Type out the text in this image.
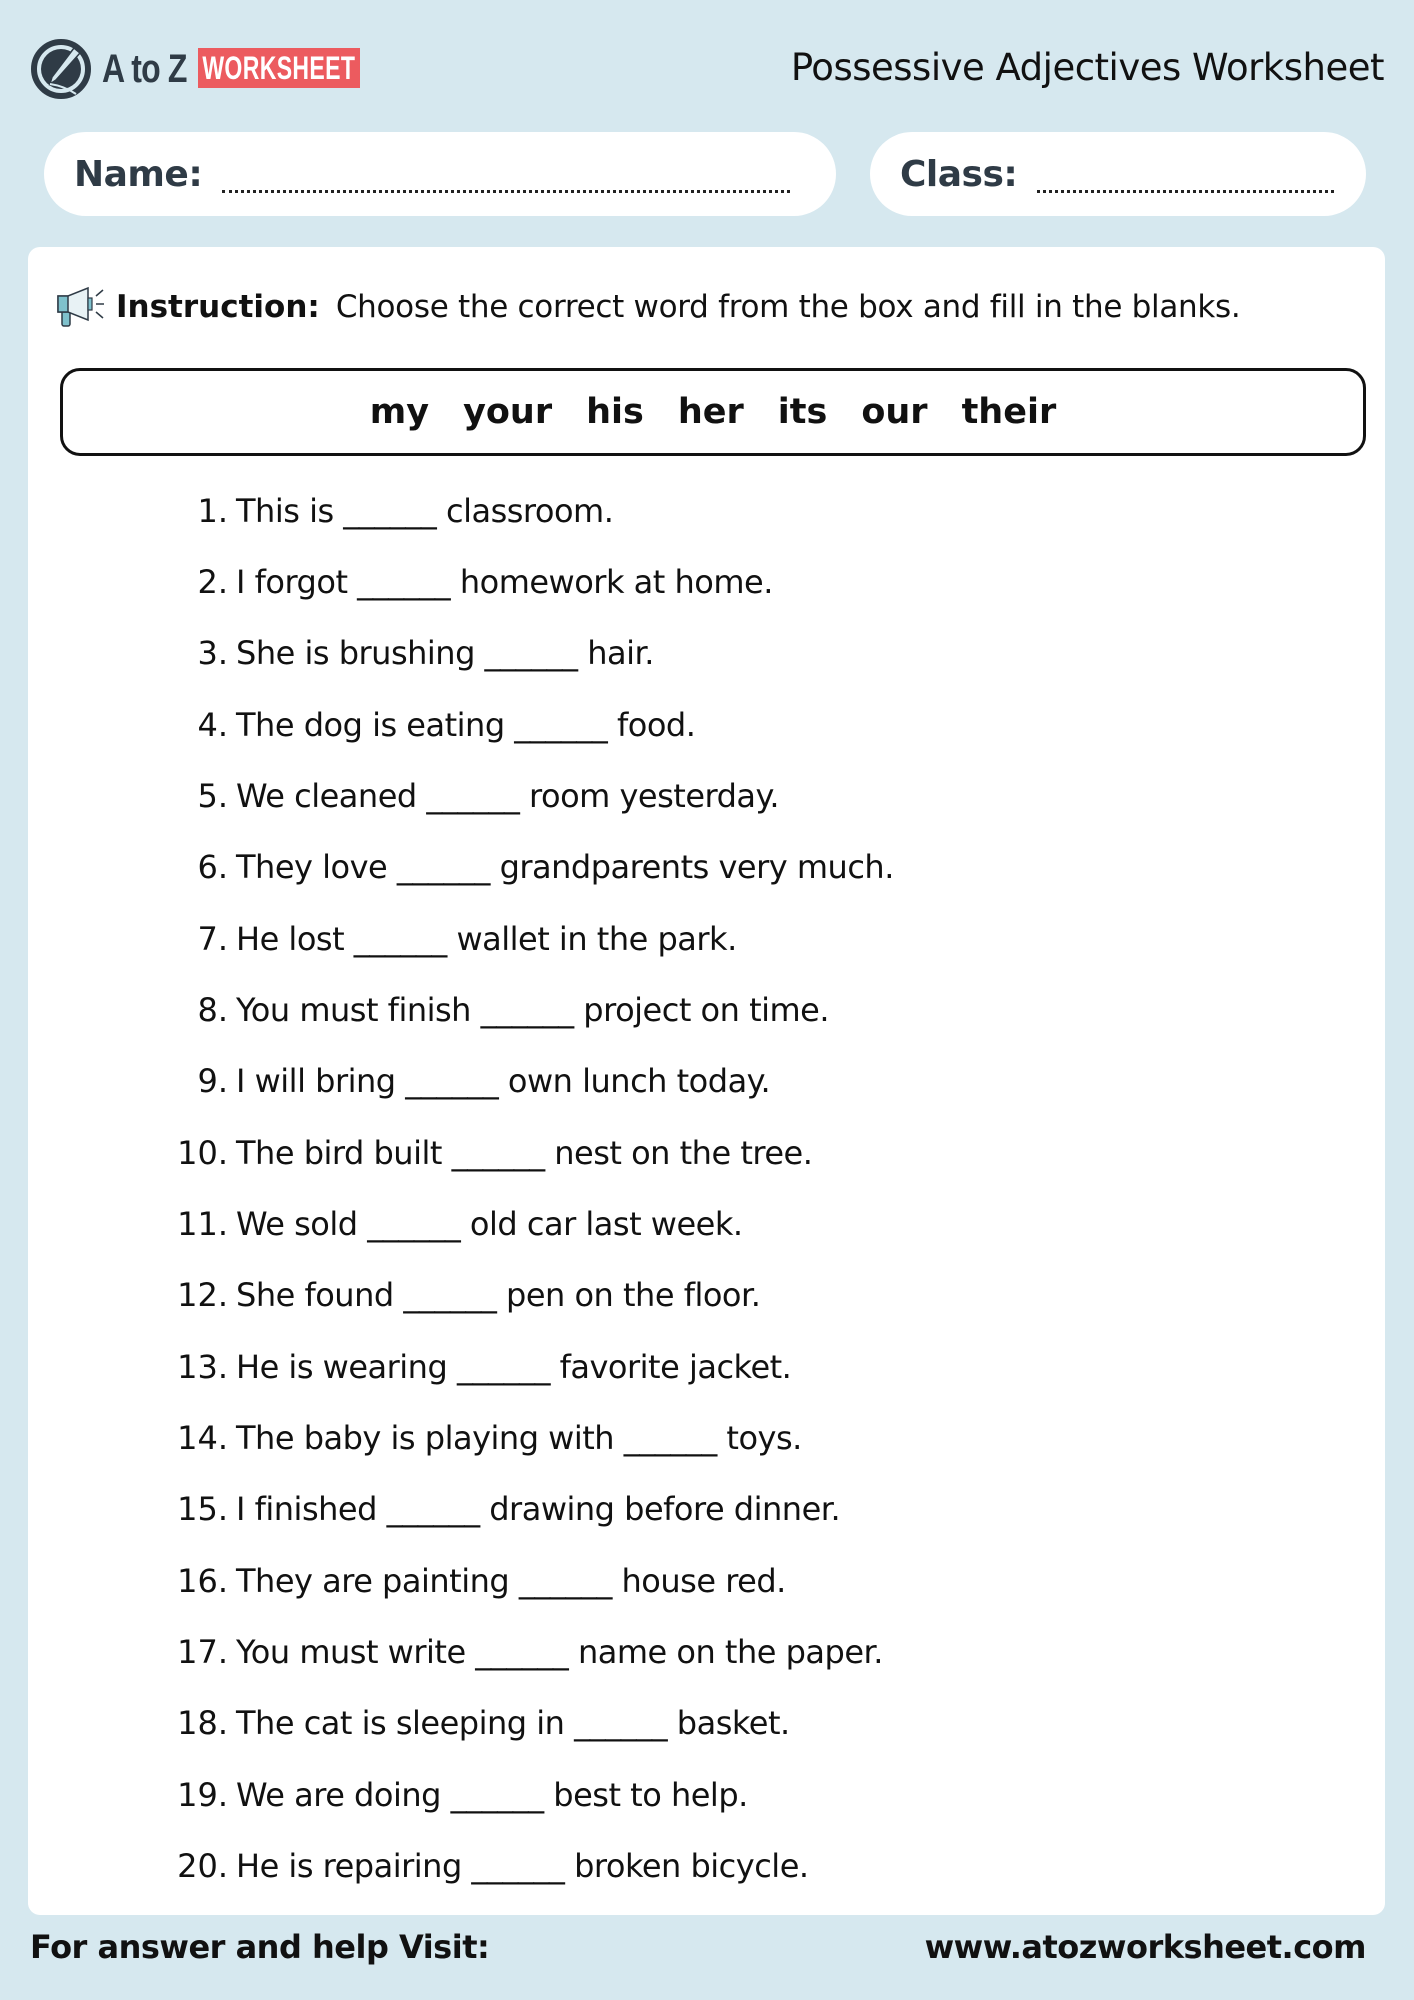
A to Z WORKSHEET	Possessive Adjectives Worksheet
Name:	Class:
Instruction: Choose the correct word from the box and fill in the blanks.
my your his her its our their
1. This is ______ classroom.
2. I forgot ______ homework at home.
3. She is brushing ______ hair.
4. The dog is eating ______ food.
5. We cleaned ______ room yesterday.
6. They love ______ grandparents very much.
7. He lost ______ wallet in the park.
8. You must finish ______ project on time.
9. I will bring ______ own lunch today.
10. The bird built ______ nest on the tree.
11. We sold ______ old car last week.
12. She found ______ pen on the floor.
13. He is wearing ______ favorite jacket.
14. The baby is playing with ______ toys.
15. I finished ______ drawing before dinner.
16. They are painting ______ house red.
17. You must write ______ name on the paper.
18. The cat is sleeping in ______ basket.
19. We are doing ______ best to help.
20. He is repairing ______ broken bicycle.
For answer and help Visit:	www.atozworksheet.com
